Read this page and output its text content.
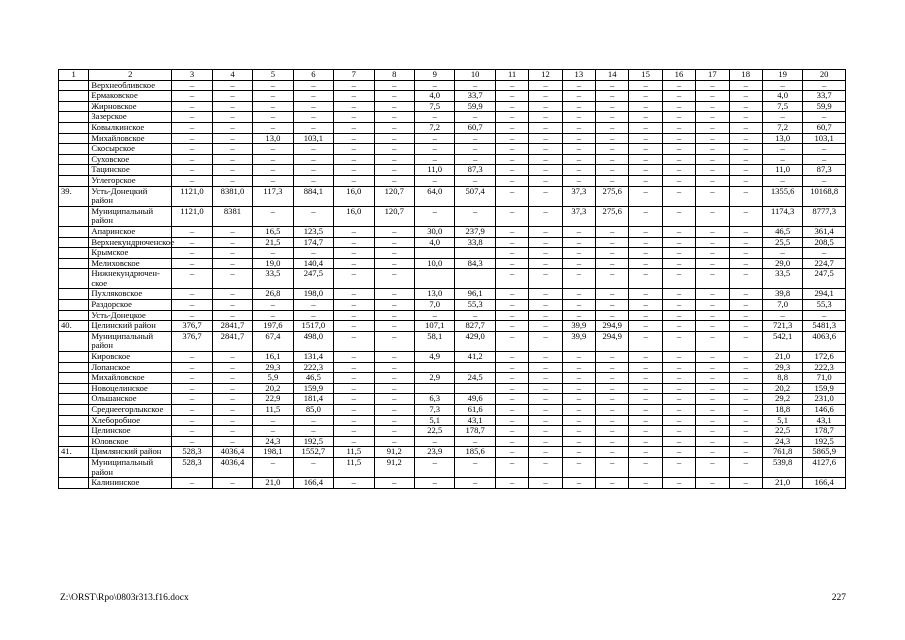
1	2	3	4	5	6	7	8	9	10	11	12	13	14	15	16	17	18	19	20
	Верхнеобливское	–	–	–	–	–	–	–	–	–	–	–	–	–	–	–	–	–	–
	Ермаковское	–	–	–	–	–	–	4,0	33,7	–	–	–	–	–	–	–	–	4,0	33,7
	Жирновское	–	–	–	–	–	–	7,5	59,9	–	–	–	–	–	–	–	–	7,5	59,9
	Зазерское	–	–	–	–	–	–	–	–	–	–	–	–	–	–	–	–	–	–
	Ковылкинское	–	–	–	–	–	–	7,2	60,7	–	–	–	–	–	–	–	–	7,2	60,7
	Михайловское	–	–	13,0	103,1	–	–	–	–	–	–	–	–	–	–	–	–	13,0	103,1
	Скосырское	–	–	–	–	–	–	–	–	–	–	–	–	–	–	–	–	–	–
	Суховское	–	–	–	–	–	–	–	–	–	–	–	–	–	–	–	–	–	–
	Тацинское	–	–	–	–	–	–	11,0	87,3	–	–	–	–	–	–	–	–	11,0	87,3
	Углегорское	–	–	–	–	–	–	–	–	–	–	–	–	–	–	–	–	–	–
39.	Усть-Донецкий район	1121,0	8381,0	117,3	884,1	16,0	120,7	64,0	507,4	–	–	37,3	275,6	–	–	–	–	1355,6	10168,8
	Муниципальный район	1121,0	8381	–	–	16,0	120,7	–	–	–	–	37,3	275,6	–	–	–	–	1174,3	8777,3
	Апаринское	–	–	16,5	123,5	–	–	30,0	237,9	–	–	–	–	–	–	–	–	46,5	361,4
	Верхнекундрюченское	–	–	21,5	174,7	–	–	4,0	33,8	–	–	–	–	–	–	–	–	25,5	208,5
	Крымское	–	–	–	–	–	–			–	–	–	–	–	–	–	–	–	–
	Мелиховское	–	–	19,0	140,4	–	–	10,0	84,3	–	–	–	–	–	–	–	–	29,0	224,7
	Нижнекундрючен-ское	–	–	33,5	247,5	–	–			–	–	–	–	–	–	–	–	33,5	247,5
	Пухляковское	–	–	26,8	198,0	–	–	13,0	96,1	–	–	–	–	–	–	–	–	39,8	294,1
	Раздорское	–	–	–	–	–	–	7,0	55,3	–	–	–	–	–	–	–	–	7,0	55,3
	Усть-Донецкое	–	–	–	–	–	–	–	–	–	–	–	–	–	–	–	–	–	–
40.	Целинский район	376,7	2841,7	197,6	1517,0	–	–	107,1	827,7	–	–	39,9	294,9	–	–	–	–	721,3	5481,3
	Муниципальный район	376,7	2841,7	67,4	498,0	–	–	58,1	429,0	–	–	39,9	294,9	–	–	–	–	542,1	4063,6
	Кировское	–	–	16,1	131,4	–	–	4,9	41,2	–	–	–	–	–	–	–	–	21,0	172,6
	Лопанское	–	–	29,3	222,3	–	–			–	–	–	–	–	–	–	–	29,3	222,3
	Михайловское	–	–	5,9	46,5	–	–	2,9	24,5	–	–	–	–	–	–	–	–	8,8	71,0
	Новоцелинское	–	–	20,2	159,9	–	–			–	–	–	–	–	–	–	–	20,2	159,9
	Ольшанское	–	–	22,9	181,4	–	–	6,3	49,6	–	–	–	–	–	–	–	–	29,2	231,0
	Среднеегорлыкское	–	–	11,5	85,0	–	–	7,3	61,6	–	–	–	–	–	–	–	–	18,8	146,6
	Хлеборобное	–	–	–	–	–	–	5,1	43,1	–	–	–	–	–	–	–	–	5,1	43,1
	Целинское	–	–	–	–	–	–	22,5	178,7	–	–	–	–	–	–	–	–	22,5	178,7
	Юловское	–	–	24,3	192,5	–	–	–	–	–	–	–	–	–	–	–	–	24,3	192,5
41.	Цимлянский район	528,3	4036,4	198,1	1552,7	11,5	91,2	23,9	185,6	–	–	–	–	–	–	–	–	761,8	5865,9
	Муниципальный район	528,3	4036,4	–	–	11,5	91,2	–	–	–	–	–	–	–	–	–	–	539,8	4127,6
	Калининское	–	–	21,0	166,4	–	–	–	–	–	–	–	–	–	–	–	–	21,0	166,4
Z:\ORST\Rpo\0803r313.f16.docx	227
